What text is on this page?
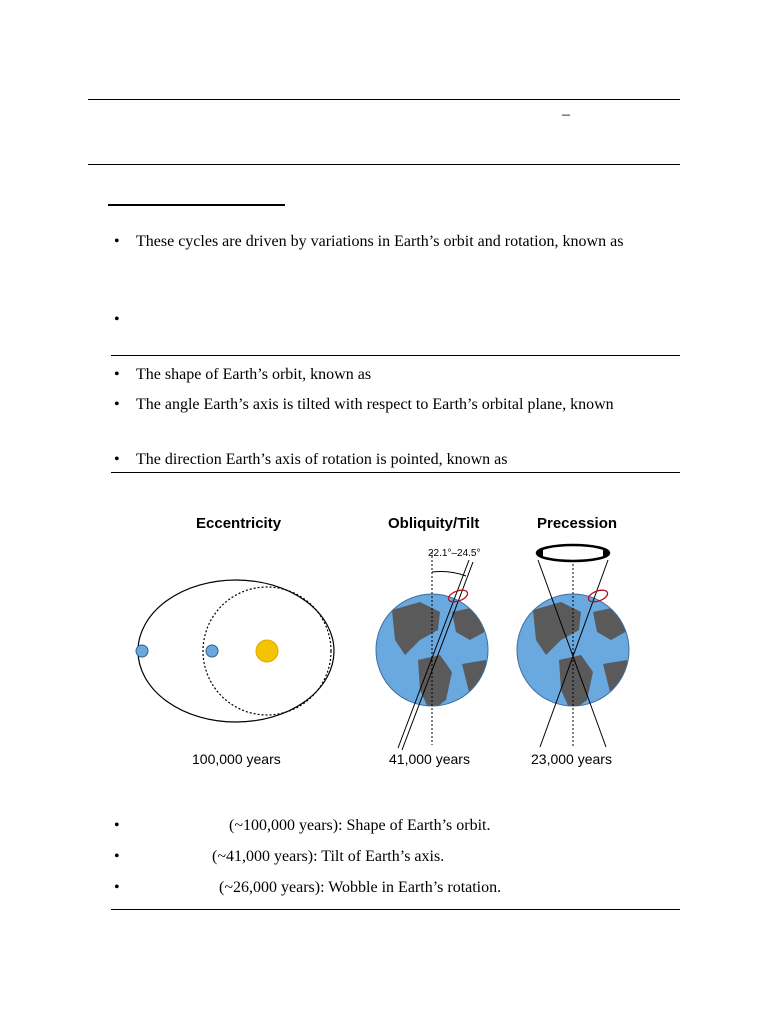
–
• These cycles are driven by variations in Earth’s orbit and rotation, known as
•
• The shape of Earth’s orbit, known as
• The angle Earth’s axis is tilted with respect to Earth’s orbital plane, known
• The direction Earth’s axis of rotation is pointed, known as
Eccentricity	Obliquity/Tilt	Precession
22.1°–24.5°
100,000 years	41,000 years	23,000 years
•	(~100,000 years): Shape of Earth’s orbit.
•	(~41,000 years): Tilt of Earth’s axis.
•	(~26,000 years): Wobble in Earth’s rotation.
